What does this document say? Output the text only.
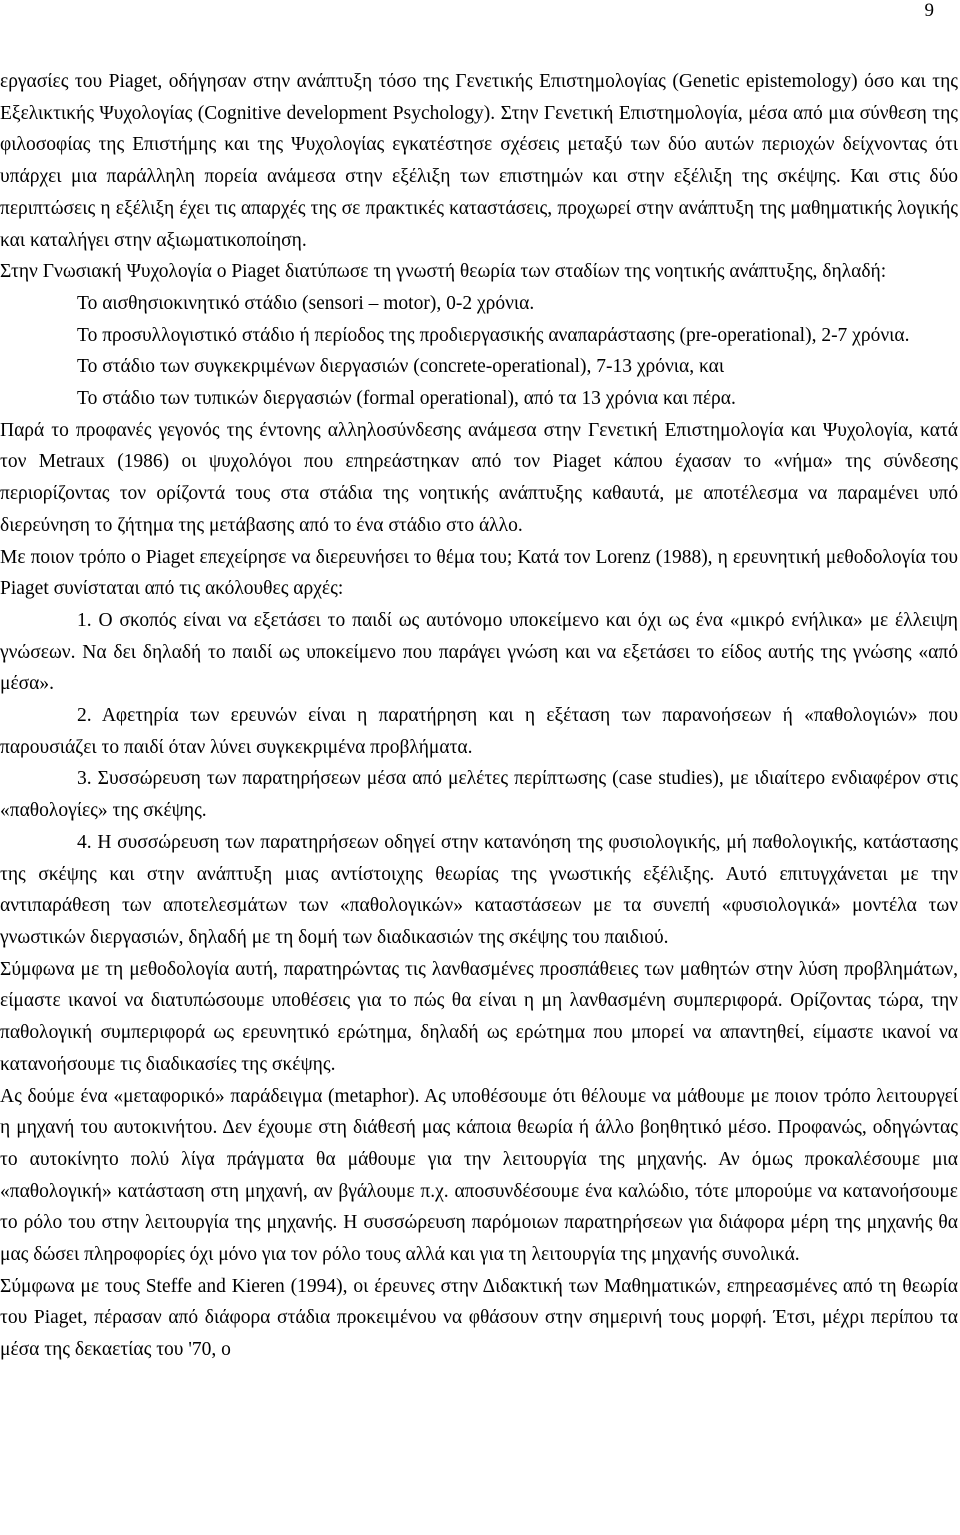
9

εργασίες του Piaget, οδήγησαν στην ανάπτυξη τόσο της Γενετικής Επιστημολογίας (Genetic epistemology) όσο και της Εξελικτικής Ψυχολογίας (Cognitive development Psychology). Στην Γενετική Επιστημολογία, μέσα από μια σύνθεση της φιλοσοφίας της Επιστήμης και της Ψυχολογίας εγκατέστησε σχέσεις μεταξύ των δύο αυτών περιοχών δείχνοντας ότι υπάρχει μια παράλληλη πορεία ανάμεσα στην εξέλιξη των επιστημών και στην εξέλιξη της σκέψης. Και στις δύο περιπτώσεις η εξέλιξη έχει τις απαρχές της σε πρακτικές καταστάσεις, προχωρεί στην ανάπτυξη της μαθηματικής λογικής και καταλήγει στην αξιωματικοποίηση.

Στην Γνωσιακή Ψυχολογία ο Piaget διατύπωσε τη γνωστή θεωρία των σταδίων της νοητικής ανάπτυξης, δηλαδή:

Το αισθησιοκινητικό στάδιο (sensori – motor), 0-2 χρόνια.

Το προσυλλογιστικό στάδιο ή περίοδος της προδιεργασικής αναπαράστασης (pre-operational), 2-7 χρόνια.

Το στάδιο των συγκεκριμένων διεργασιών (concrete-operational), 7-13 χρόνια, και

Το στάδιο των τυπικών διεργασιών (formal operational), από τα 13 χρόνια και πέρα.

Παρά το προφανές γεγονός της έντονης αλληλοσύνδεσης ανάμεσα στην Γενετική Επιστημολογία και Ψυχολογία, κατά τον Metraux (1986) οι ψυχολόγοι που επηρεάστηκαν από τον Piaget κάπου έχασαν το «νήμα» της σύνδεσης περιορίζοντας τον ορίζοντά τους στα στάδια της νοητικής ανάπτυξης καθαυτά, με αποτέλεσμα να παραμένει υπό διερεύνηση το ζήτημα της μετάβασης από το ένα στάδιο στο άλλο.

Με ποιον τρόπο ο Piaget επεχείρησε να διερευνήσει το θέμα του; Κατά τον Lorenz (1988), η ερευνητική μεθοδολογία του Piaget συνίσταται από τις ακόλουθες αρχές:

1. Ο σκοπός είναι να εξετάσει το παιδί ως αυτόνομο υποκείμενο και όχι ως ένα «μικρό ενήλικα» με έλλειψη γνώσεων. Να δει δηλαδή το παιδί ως υποκείμενο που παράγει γνώση και να εξετάσει το είδος αυτής της γνώσης «από μέσα».

2. Αφετηρία των ερευνών είναι η παρατήρηση και η εξέταση των παρανοήσεων ή «παθολογιών» που παρουσιάζει το παιδί όταν λύνει συγκεκριμένα προβλήματα.

3. Συσσώρευση των παρατηρήσεων μέσα από μελέτες περίπτωσης (case studies), με ιδιαίτερο ενδιαφέρον στις «παθολογίες» της σκέψης.

4. Η συσσώρευση των παρατηρήσεων οδηγεί στην κατανόηση της φυσιολογικής, μή παθολογικής, κατάστασης της σκέψης και στην ανάπτυξη μιας αντίστοιχης θεωρίας της γνωστικής εξέλιξης. Αυτό επιτυγχάνεται με την αντιπαράθεση των αποτελεσμάτων των «παθολογικών» καταστάσεων με τα συνεπή «φυσιολογικά» μοντέλα των γνωστικών διεργασιών, δηλαδή με τη δομή των διαδικασιών της σκέψης του παιδιού.

Σύμφωνα με τη μεθοδολογία αυτή, παρατηρώντας τις λανθασμένες προσπάθειες των μαθητών στην λύση προβλημάτων, είμαστε ικανοί να διατυπώσουμε υποθέσεις για το πώς θα είναι η μη λανθασμένη συμπεριφορά. Ορίζοντας τώρα, την παθολογική συμπεριφορά ως ερευνητικό ερώτημα, δηλαδή ως ερώτημα που μπορεί να απαντηθεί, είμαστε ικανοί να κατανοήσουμε τις διαδικασίες της σκέψης.

Ας δούμε ένα «μεταφορικό» παράδειγμα (metaphor). Ας υποθέσουμε ότι θέλουμε να μάθουμε με ποιον τρόπο λειτουργεί η μηχανή του αυτοκινήτου. Δεν έχουμε στη διάθεσή μας κάποια θεωρία ή άλλο βοηθητικό μέσο. Προφανώς, οδηγώντας το αυτοκίνητο πολύ λίγα πράγματα θα μάθουμε για την λειτουργία της μηχανής. Αν όμως προκαλέσουμε μια «παθολογική» κατάσταση στη μηχανή, αν βγάλουμε π.χ. αποσυνδέσουμε ένα καλώδιο, τότε μπορούμε να κατανοήσουμε το ρόλο του στην λειτουργία της μηχανής. Η συσσώρευση παρόμοιων παρατηρήσεων για διάφορα μέρη της μηχανής θα μας δώσει πληροφορίες όχι μόνο για τον ρόλο τους αλλά και για τη λειτουργία της μηχανής συνολικά.

Σύμφωνα με τους Steffe and Kieren (1994), οι έρευνες στην Διδακτική των Μαθηματικών, επηρεασμένες από τη θεωρία του Piaget, πέρασαν από διάφορα στάδια προκειμένου να φθάσουν στην σημερινή τους μορφή. Έτσι, μέχρι περίπου τα μέσα της δεκαετίας του '70, ο
